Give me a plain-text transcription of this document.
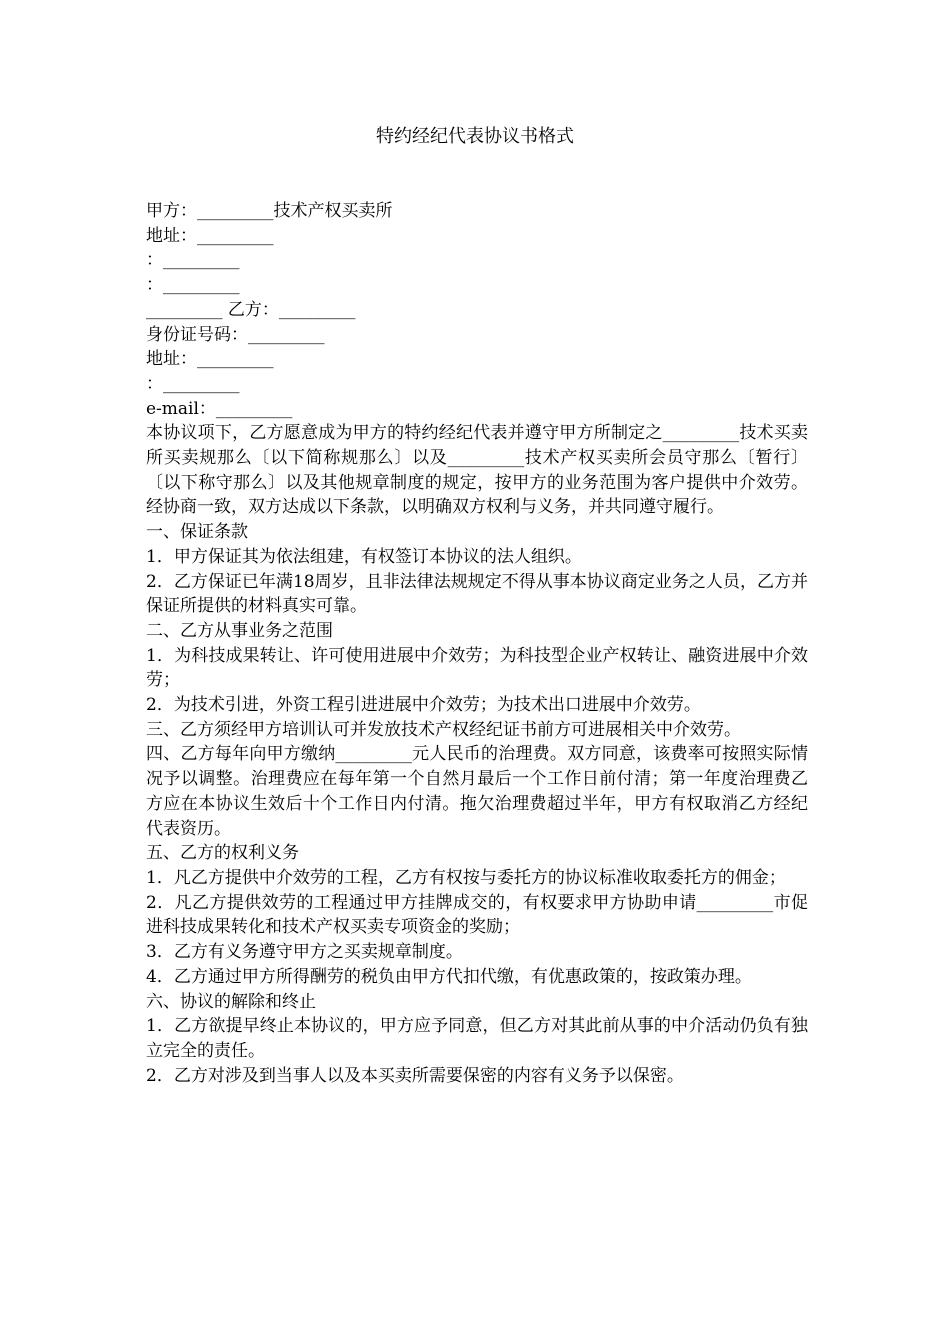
特约经纪代表协议书格式

甲方：_________技术产权买卖所

地址：_________

：_________

：_________

_________ 乙方：_________

身份证号码：_________

地址：_________

：_________

e-mail：_________

本协议项下，乙方愿意成为甲方的特约经纪代表并遵守甲方所制定之_________技术买卖所买卖规那么〔以下简称规那么〕以及_________技术产权买卖所会员守那么〔暂行〕〔以下称守那么〕以及其他规章制度的规定，按甲方的业务范围为客户提供中介效劳。经协商一致，双方达成以下条款，以明确双方权利与义务，并共同遵守履行。

一、保证条款

1．甲方保证其为依法组建，有权签订本协议的法人组织。

2．乙方保证已年满18周岁，且非法律法规规定不得从事本协议商定业务之人员，乙方并保证所提供的材料真实可靠。

二、乙方从事业务之范围

1．为科技成果转让、许可使用进展中介效劳；为科技型企业产权转让、融资进展中介效劳；

2．为技术引进，外资工程引进进展中介效劳；为技术出口进展中介效劳。

三、乙方须经甲方培训认可并发放技术产权经纪证书前方可进展相关中介效劳。

四、乙方每年向甲方缴纳_________元人民币的治理费。双方同意，该费率可按照实际情况予以调整。治理费应在每年第一个自然月最后一个工作日前付清；第一年度治理费乙方应在本协议生效后十个工作日内付清。拖欠治理费超过半年，甲方有权取消乙方经纪代表资历。

五、乙方的权利义务

1．凡乙方提供中介效劳的工程，乙方有权按与委托方的协议标准收取委托方的佣金；

2．凡乙方提供效劳的工程通过甲方挂牌成交的，有权要求甲方协助申请_________市促进科技成果转化和技术产权买卖专项资金的奖励；

3．乙方有义务遵守甲方之买卖规章制度。

4．乙方通过甲方所得酬劳的税负由甲方代扣代缴，有优惠政策的，按政策办理。

六、协议的解除和终止

1．乙方欲提早终止本协议的，甲方应予同意，但乙方对其此前从事的中介活动仍负有独立完全的责任。

2．乙方对涉及到当事人以及本买卖所需要保密的内容有义务予以保密。
